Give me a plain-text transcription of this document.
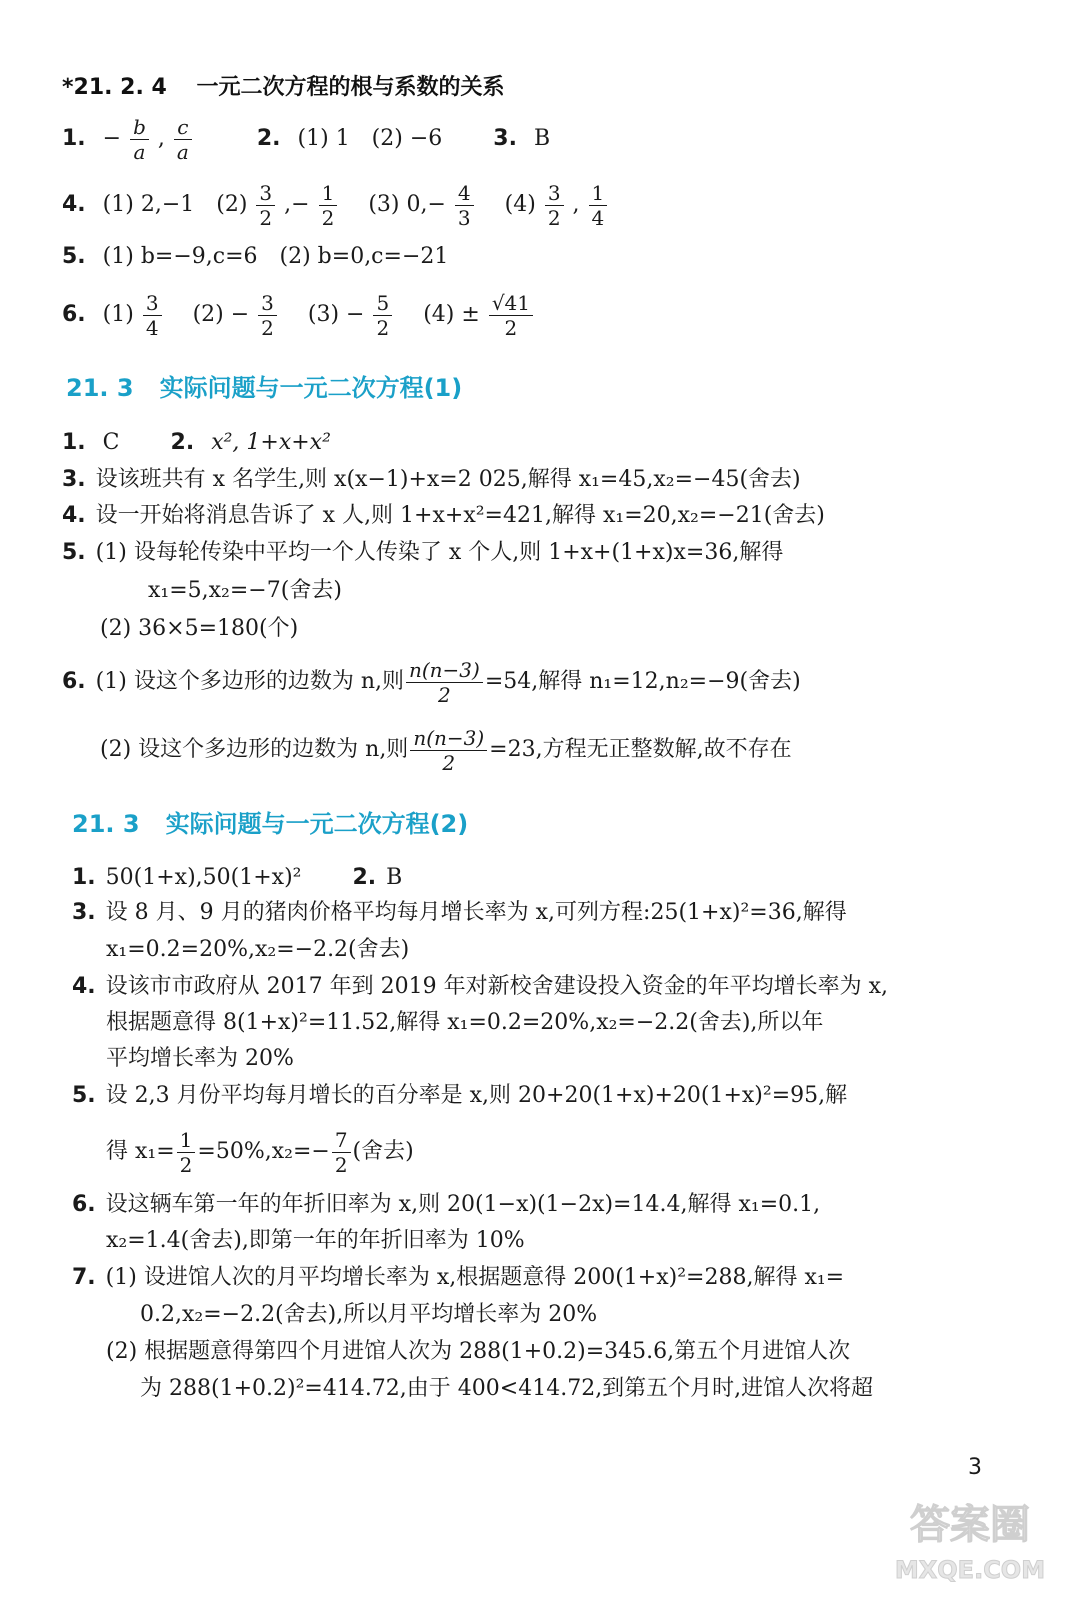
*21. 2. 4 一元二次方程的根与系数的关系
1. − $\frac{b}{a}$ , $\frac{c}{a}$	2. (1) 1　(2) −6 3. B
4. (1) 2,−1　$(2) \frac{3}{2}$ ,− $\frac{1}{2}$ 　(3) $0,- \frac{4}{3}$ 　$(4) \frac{3}{2}$ , $\frac{1}{4}$
5. (1) b=−9,c=6　(2) b=0,c=−21
6. $(1) \frac{3}{4}$ 　$(2) - \frac{3}{2}$ 　$(3) - \frac{5}{2}$ 　$(4) \pm \frac{√41}{2}$
21. 3 实际问题与一元二次方程(1)
1. C 2. x², 1+x+x²
3. 设该班共有 x 名学生,则 x(x−1)+x=2 025,解得 x₁=45,x₂=−45(舍去)
4. 设一开始将消息告诉了 x 人,则 1+x+x²=421,解得 x₁=20,x₂=−21(舍去)
5. (1) 设每轮传染中平均一个人传染了 x 个人,则 1+x+(1+x)x=36,解得
x₁=5,x₂=−7(舍去)
(2) 36×5=180(个)
6. (1) 设这个多边形的边数为 n,则 $\frac{n(n-3)}{2} =54$,解得 n₁=12,n₂=−9(舍去)
(2) 设这个多边形的边数为 n,则 $\frac{n(n-3)}{2} =23$,方程无正整数解,故不存在
21. 3 实际问题与一元二次方程(2)
1. 50(1+x),50(1+x)² 2. B
3. 设 8 月、9 月的猪肉价格平均每月增长率为 x,可列方程:25(1+x)²=36,解得
x₁=0.2=20%,x₂=−2.2(舍去)
4. 设该市市政府从 2017 年到 2019 年对新校舍建设投入资金的年平均增长率为 x,
根据题意得 8(1+x)²=11.52,解得 x₁=0.2=20%,x₂=−2.2(舍去),所以年
平均增长率为 20%
5. 设 2,3 月份平均每月增长的百分率是 x,则 20+20(1+x)+20(1+x)²=95,解
得 $x_1= \frac{1}{2} =50\%,x_2=- \frac{7}{2}$ (舍去)
6. 设这辆车第一年的年折旧率为 x,则 20(1−x)(1−2x)=14.4,解得 x₁=0.1,
x₂=1.4(舍去),即第一年的年折旧率为 10%
7. (1) 设进馆人次的月平均增长率为 x,根据题意得 200(1+x)²=288,解得 x₁=
0.2,x₂=−2.2(舍去),所以月平均增长率为 20%
(2) 根据题意得第四个月进馆人次为 288(1+0.2)=345.6,第五个月进馆人次
为 288(1+0.2)²=414.72,由于 400<414.72,到第五个月时,进馆人次将超
3
答案圈
MXQE.COM
